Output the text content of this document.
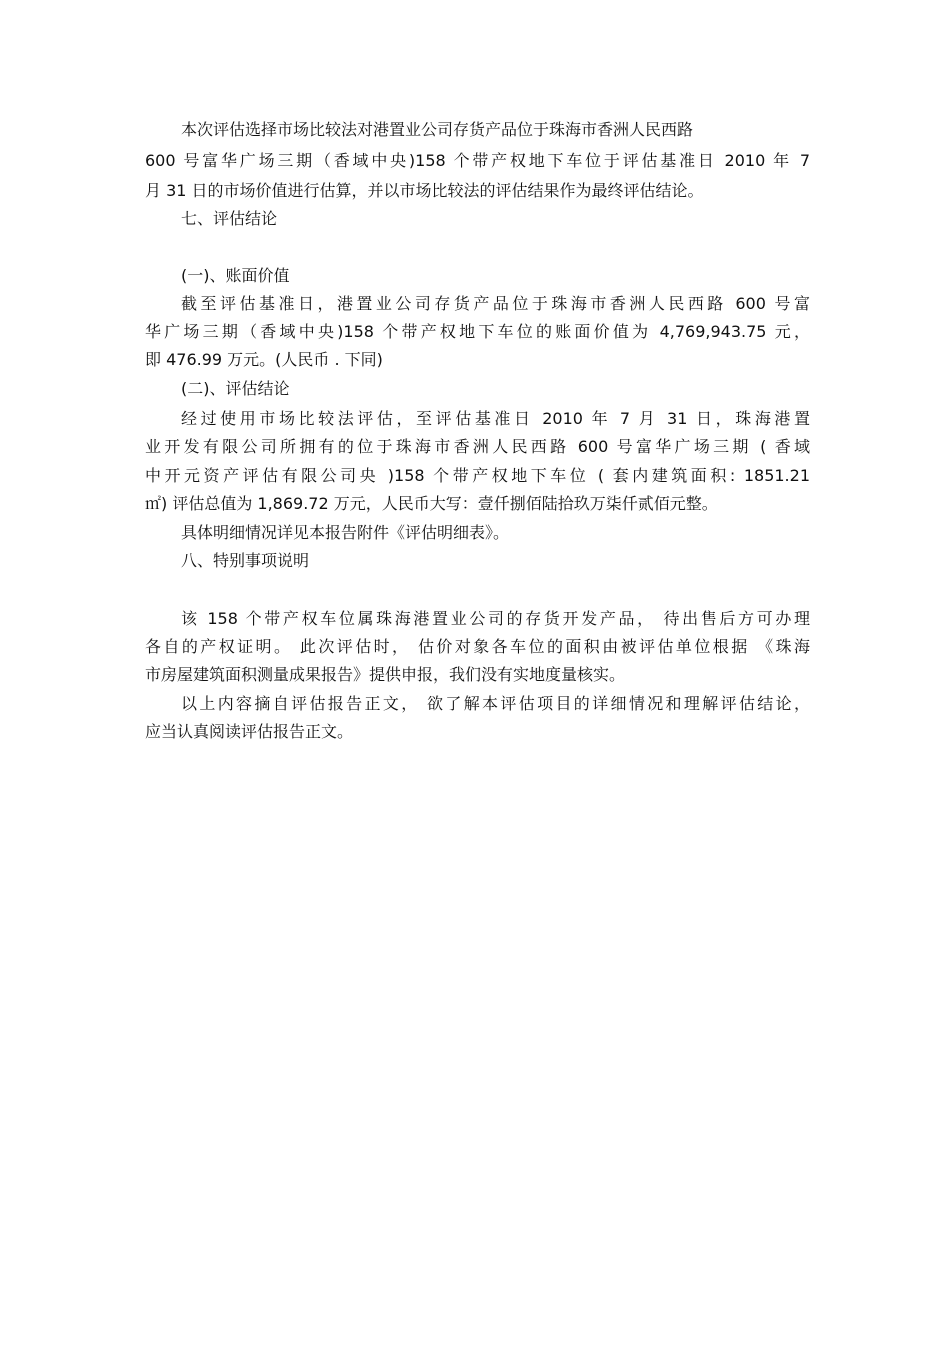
本次评估选择市场比较法对港置业公司存货产品位于珠海市香洲人民西路
600 号富华广场三期（香域中央)158 个带产权地下车位于评估基准日 2010 年 7
月 31 日的市场价值进行估算，并以市场比较法的评估结果作为最终评估结论。
七、评估结论
(一)、账面价值
截至评估基准日，港置业公司存货产品位于珠海市香洲人民西路 600 号富
华广场三期（香域中央)158 个带产权地下车位的账面价值为 4,769,943.75 元，
即 476.99 万元。(人民币 . 下同)
(二)、评估结论
经过使用市场比较法评估，至评估基准日 2010 年 7 月 31 日，珠海港置
业开发有限公司所拥有的位于珠海市香洲人民西路 600 号富华广场三期 ( 香域
中开元资产评估有限公司央 )158 个带产权地下车位 ( 套内建筑面积: 1851.21
㎡) 评估总值为 1,869.72 万元，人民币大写：壹仟捌佰陆拾玖万柒仟贰佰元整。
具体明细情况详见本报告附件《评估明细表》。
八、特别事项说明
该 158 个带产权车位属珠海港置业公司的存货开发产品， 待出售后方可办理
各自的产权证明。 此次评估时， 估价对象各车位的面积由被评估单位根据 《珠海
市房屋建筑面积测量成果报告》提供申报，我们没有实地度量核实。
以上内容摘自评估报告正文， 欲了解本评估项目的详细情况和理解评估结论，
应当认真阅读评估报告正文。
